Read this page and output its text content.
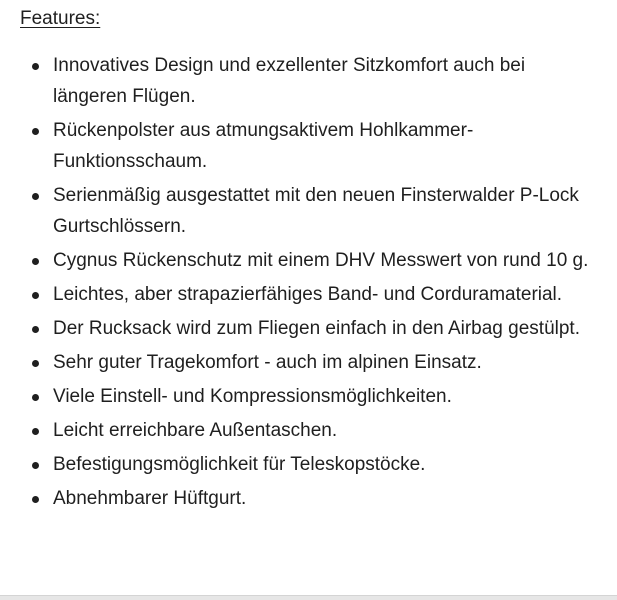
Features:

Innovatives Design und exzellenter Sitzkomfort auch bei längeren Flügen.
Rückenpolster aus atmungsaktivem Hohlkammer-Funktionsschaum.
Serienmäßig ausgestattet mit den neuen Finsterwalder P-Lock Gurtschlössern.
Cygnus Rückenschutz mit einem DHV Messwert von rund 10 g.
Leichtes, aber strapazierfähiges Band- und Corduramaterial.
Der Rucksack wird zum Fliegen einfach in den Airbag gestülpt.
Sehr guter Tragekomfort - auch im alpinen Einsatz.
Viele Einstell- und Kompressionsmöglichkeiten.
Leicht erreichbare Außentaschen.
Befestigungsmöglichkeit für Teleskopstöcke.
Abnehmbarer Hüftgurt.
